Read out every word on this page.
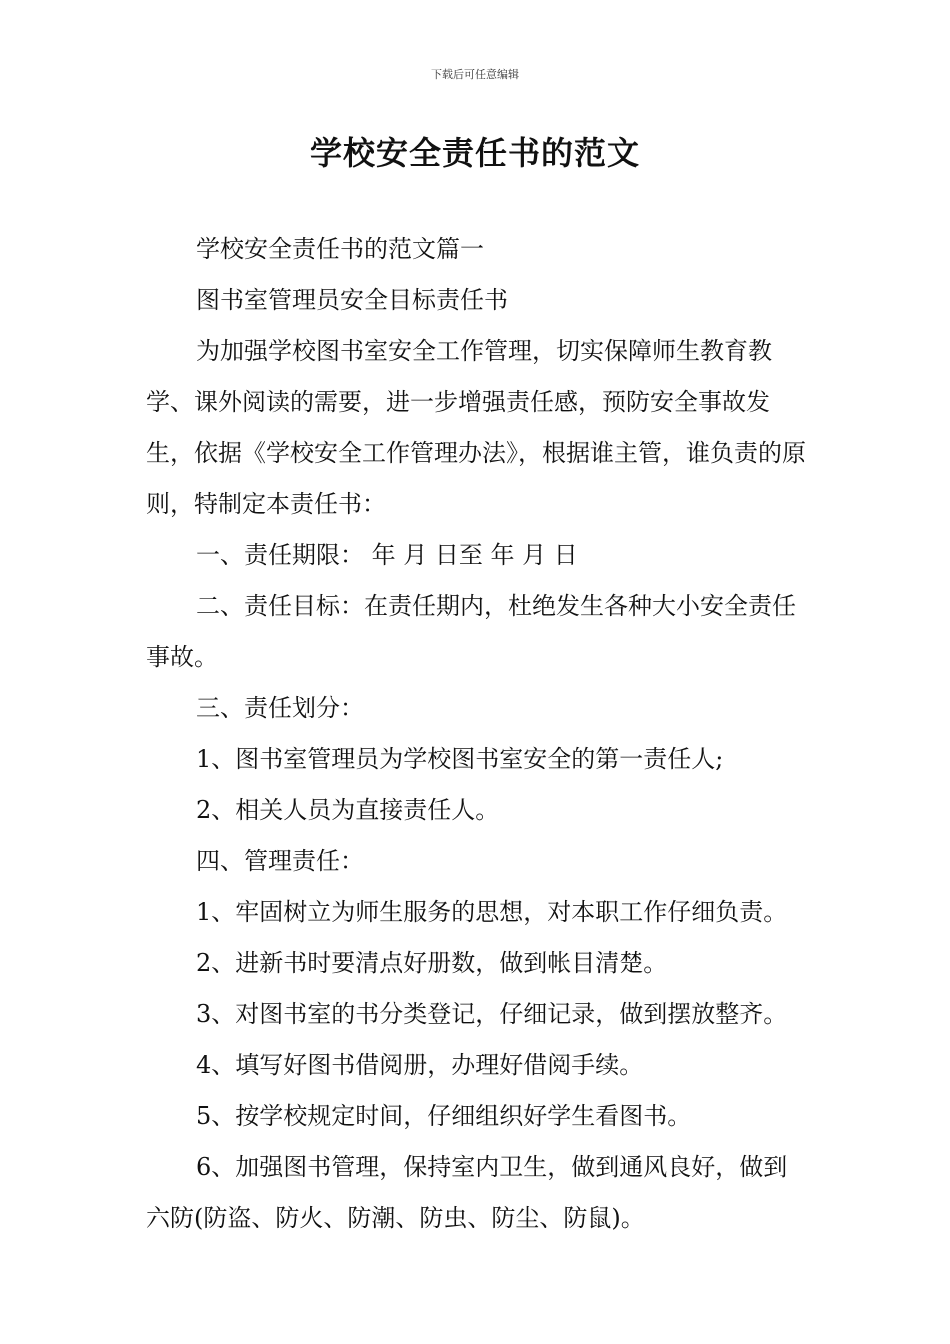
下载后可任意编辑
学校安全责任书的范文

学校安全责任书的范文篇一

图书室管理员安全目标责任书

为加强学校图书室安全工作管理，切实保障师生教育教学、课外阅读的需要，进一步增强责任感，预防安全事故发生，依据《学校安全工作管理办法》，根据谁主管，谁负责的原则，特制定本责任书：

一、责任期限： 年 月 日至 年 月 日

二、责任目标：在责任期内，杜绝发生各种大小安全责任事故。

三、责任划分：

1、图书室管理员为学校图书室安全的第一责任人;

2、相关人员为直接责任人。

四、管理责任：

1、牢固树立为师生服务的思想，对本职工作仔细负责。

2、进新书时要清点好册数，做到帐目清楚。

3、对图书室的书分类登记，仔细记录，做到摆放整齐。

4、填写好图书借阅册，办理好借阅手续。

5、按学校规定时间，仔细组织好学生看图书。

6、加强图书管理，保持室内卫生，做到通风良好，做到六防(防盗、防火、防潮、防虫、防尘、防鼠)。
